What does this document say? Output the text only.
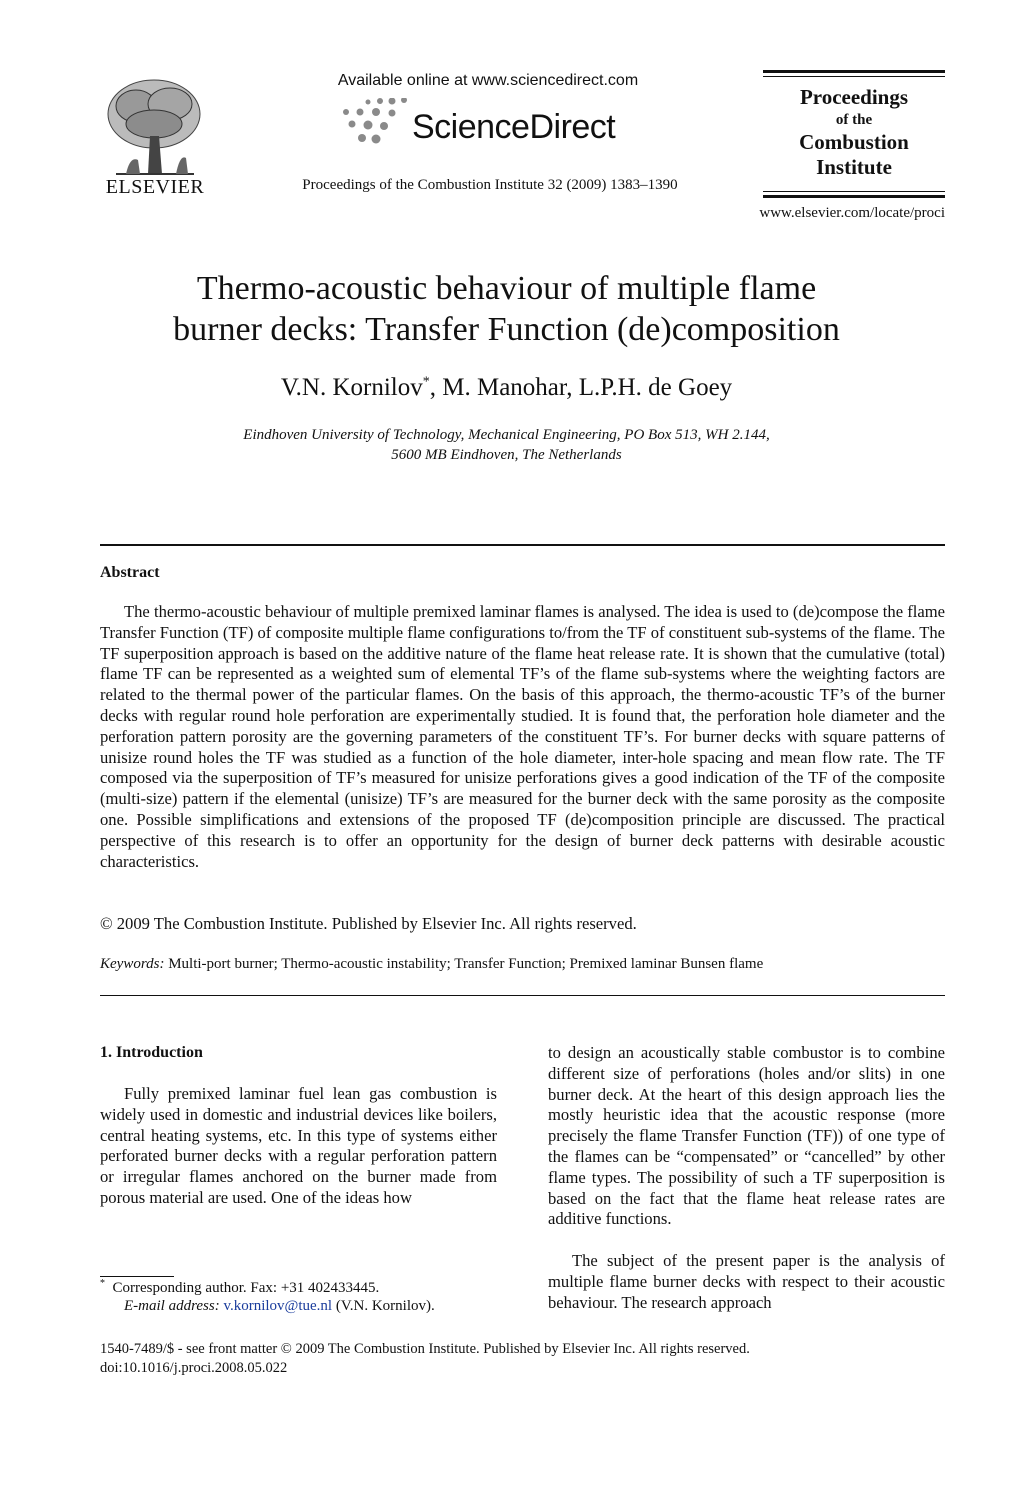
ELSEVIER
Available online at www.sciencedirect.com
ScienceDirect
Proceedings of the Combustion Institute 32 (2009) 1383–1390
Proceedings
of the
Combustion
Institute
www.elsevier.com/locate/proci
Thermo-acoustic behaviour of multiple flame
burner decks: Transfer Function (de)composition
V.N. Kornilov*, M. Manohar, L.P.H. de Goey
Eindhoven University of Technology, Mechanical Engineering, PO Box 513, WH 2.144,
5600 MB Eindhoven, The Netherlands
Abstract

The thermo-acoustic behaviour of multiple premixed laminar flames is analysed. The idea is used to (de)compose the flame Transfer Function (TF) of composite multiple flame configurations to/from the TF of constituent sub-systems of the flame. The TF superposition approach is based on the additive nature of the flame heat release rate. It is shown that the cumulative (total) flame TF can be represented as a weighted sum of elemental TF’s of the flame sub-systems where the weighting factors are related to the thermal power of the particular flames. On the basis of this approach, the thermo-acoustic TF’s of the burner decks with regular round hole perforation are experimentally studied. It is found that, the perforation hole diameter and the perforation pattern porosity are the governing parameters of the constituent TF’s. For burner decks with square patterns of unisize round holes the TF was studied as a function of the hole diameter, inter-hole spacing and mean flow rate. The TF composed via the superposition of TF’s measured for unisize perforations gives a good indication of the TF of the composite (multi-size) pattern if the elemental (unisize) TF’s are measured for the burner deck with the same porosity as the composite one. Possible simplifications and extensions of the proposed TF (de)composition principle are discussed. The practical perspective of this research is to offer an opportunity for the design of burner deck patterns with desirable acoustic characteristics.

© 2009 The Combustion Institute. Published by Elsevier Inc. All rights reserved.
Keywords: Multi-port burner; Thermo-acoustic instability; Transfer Function; Premixed laminar Bunsen flame
1. Introduction

Fully premixed laminar fuel lean gas combustion is widely used in domestic and industrial devices like boilers, central heating systems, etc. In this type of systems either perforated burner decks with a regular perforation pattern or irregular flames anchored on the burner made from porous material are used. One of the ideas how

to design an acoustically stable combustor is to combine different size of perforations (holes and/or slits) in one burner deck. At the heart of this design approach lies the mostly heuristic idea that the acoustic response (more precisely the flame Transfer Function (TF)) of one type of the flames can be “compensated” or “cancelled” by other flame types. The possibility of such a TF superposition is based on the fact that the flame heat release rates are additive functions.

The subject of the present paper is the analysis of multiple flame burner decks with respect to their acoustic behaviour. The research approach

* Corresponding author. Fax: +31 402433445.
E-mail address: v.kornilov@tue.nl (V.N. Kornilov).
1540-7489/$ - see front matter © 2009 The Combustion Institute. Published by Elsevier Inc. All rights reserved.
doi:10.1016/j.proci.2008.05.022
